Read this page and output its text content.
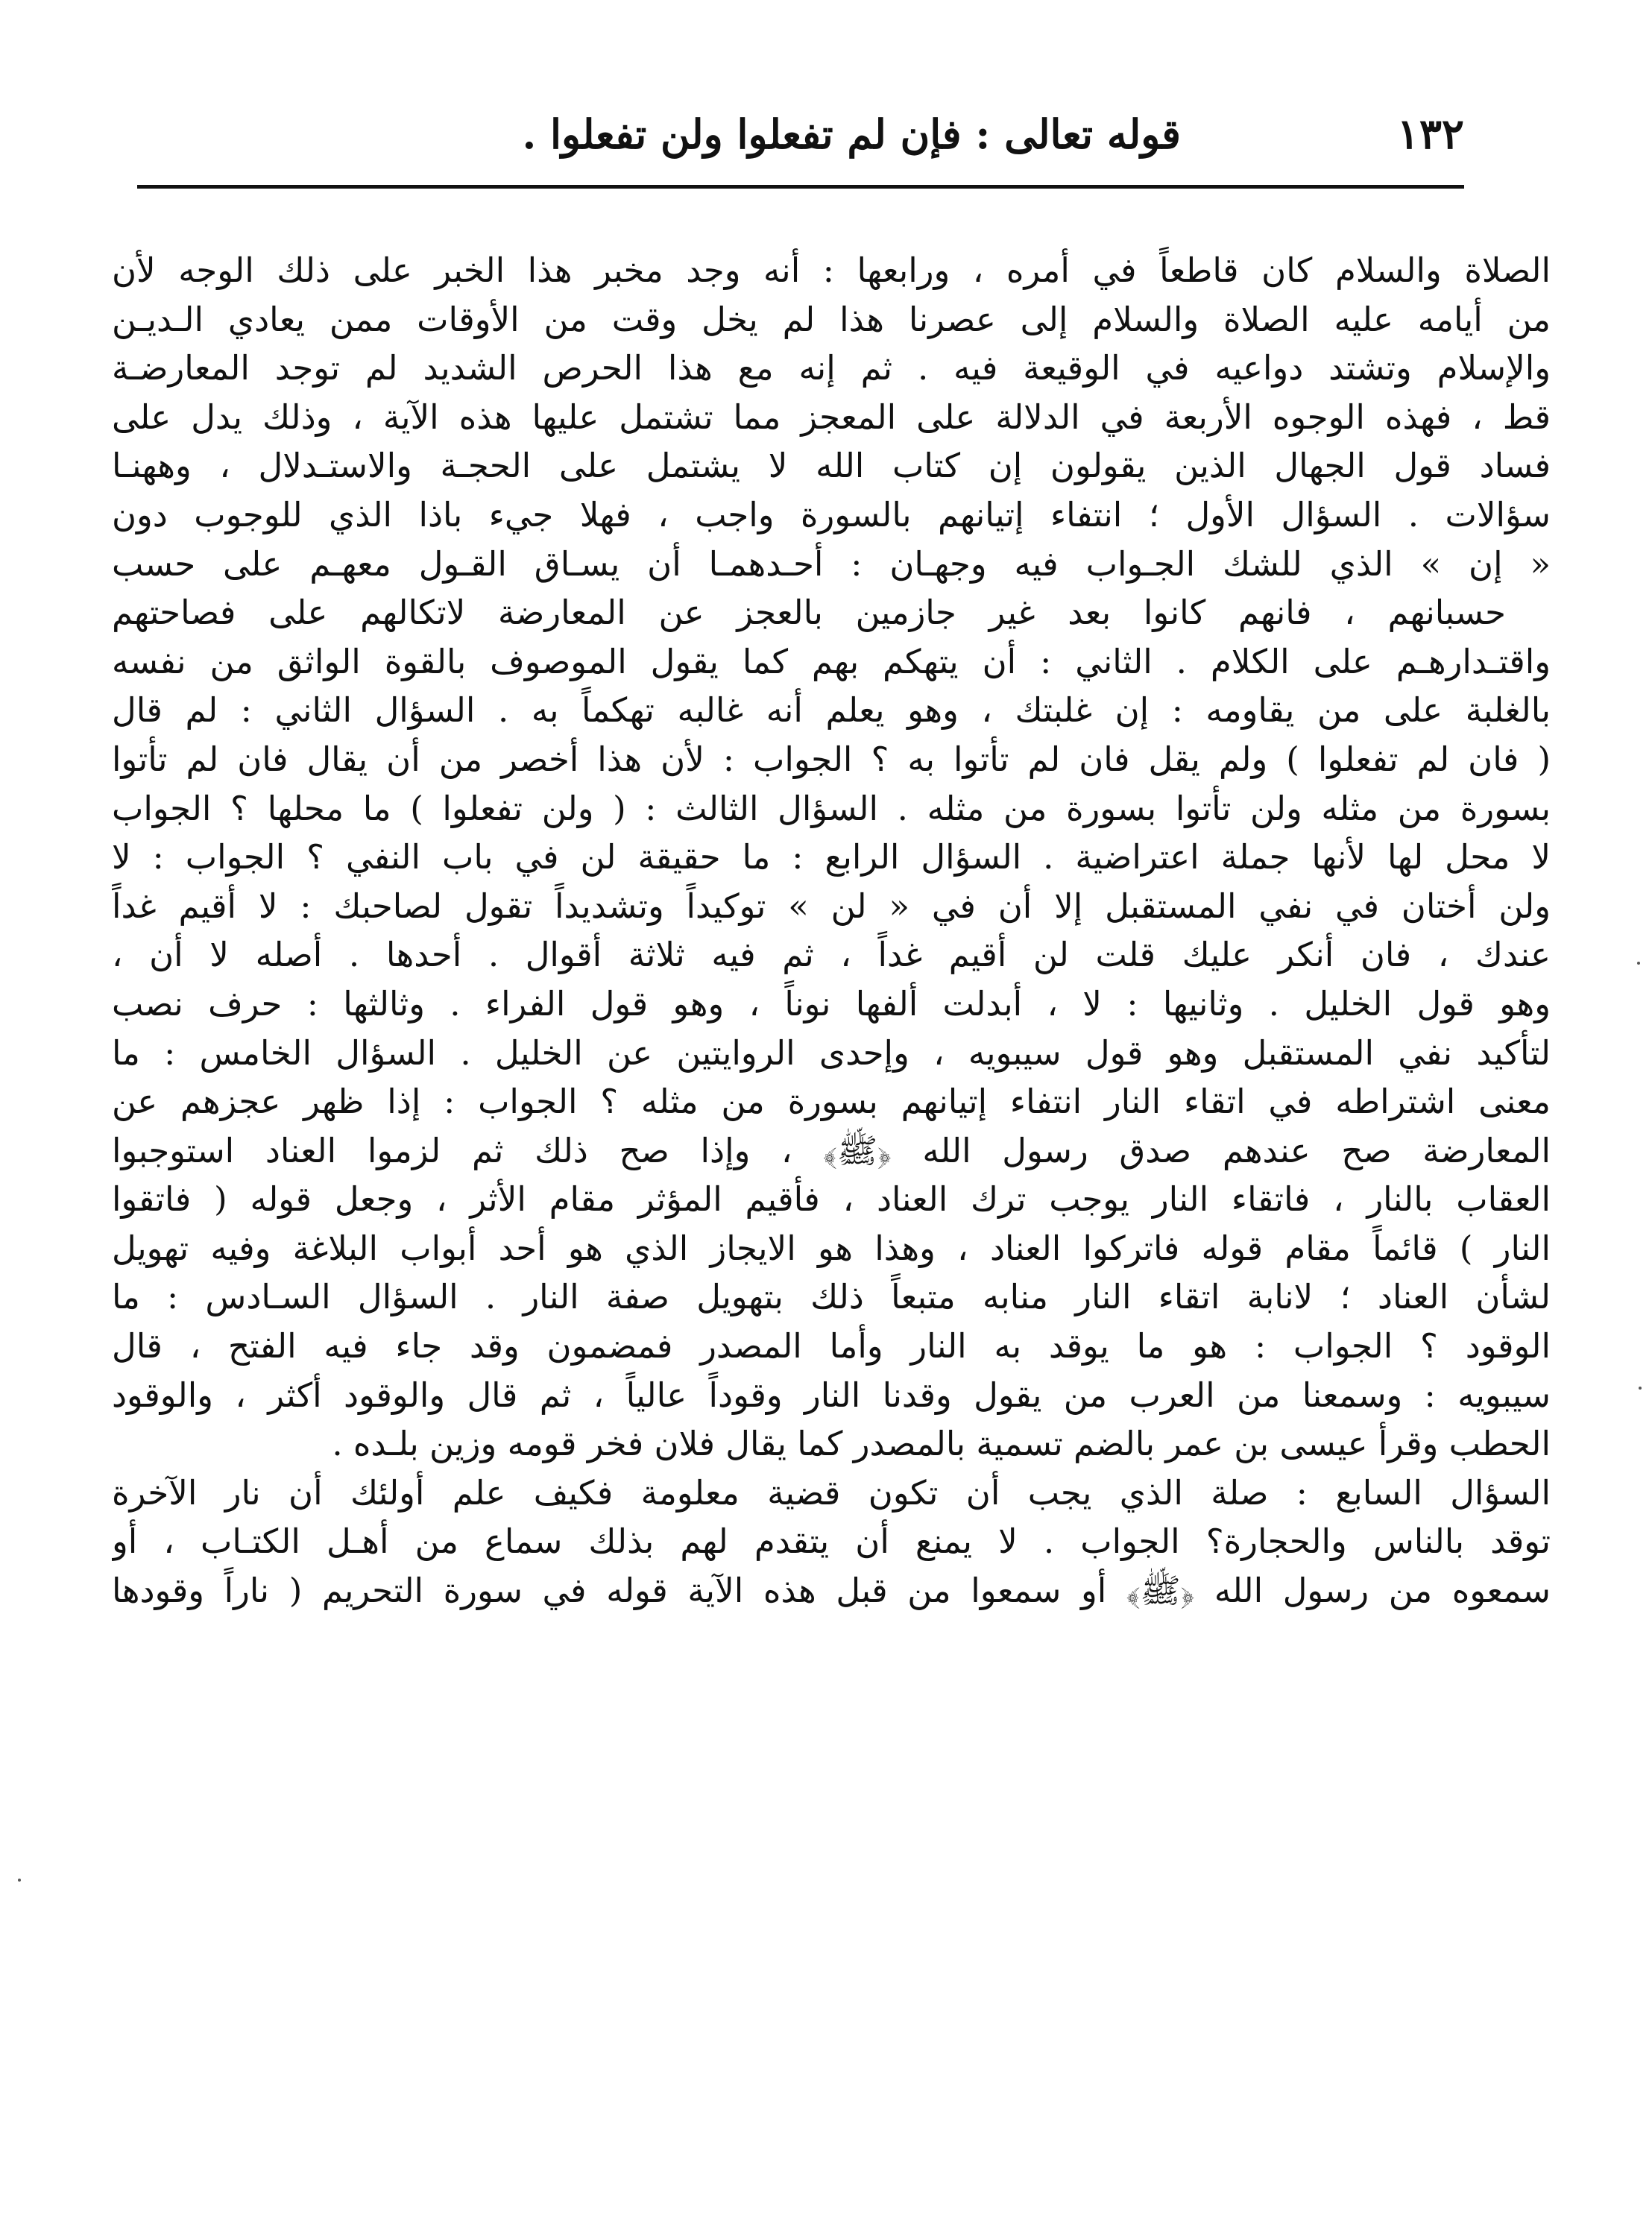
١٣٢
قوله تعالى : فإن لم تفعلوا ولن تفعلوا .
الصلاة والسلام كان قاطعاً في أمره ، ورابعها : أنه وجد مخبر هذا الخبر على ذلك الوجه لأن
من أيامه عليه الصلاة والسلام إلى عصرنا هذا لم يخل وقت من الأوقات ممن يعادي الـديـن
والإسلام وتشتد دواعيه في الوقيعة فيه . ثم إنه مع هذا الحرص الشديد لم توجد المعارضـة
قط ، فهذه الوجوه الأربعة في الدلالة على المعجز مما تشتمل عليها هذه الآية ، وذلك يدل على
فساد قول الجهال الذين يقولون إن كتاب الله لا يشتمل على الحجـة والاستـدلال ، وههنـا
سؤالات . السؤال الأول ؛ انتفاء إتيانهم بالسورة واجب ، فهلا جيء باذا الذي للوجوب دون
« إن » الذي للشك الجـواب فيه وجهـان : أحـدهمـا أن يسـاق القـول معهـم على حسب
حسبانهم ، فانهم كانوا بعد غير جازمين بالعجز عن المعارضة لاتكالهم على فصاحتهم
واقتـدارهـم على الكلام . الثاني : أن يتهكم بهم كما يقول الموصوف بالقوة الواثق من نفسه
بالغلبة على من يقاومه : إن غلبتك ، وهو يعلم أنه غالبه تهكماً به . السؤال الثاني : لم قال
( فان لم تفعلوا ) ولم يقل فان لم تأتوا به ؟ الجواب : لأن هذا أخصر من أن يقال فان لم تأتوا
بسورة من مثله ولن تأتوا بسورة من مثله . السؤال الثالث : ( ولن تفعلوا ) ما محلها ؟ الجواب
لا محل لها لأنها جملة اعتراضية . السؤال الرابع : ما حقيقة لن في باب النفي ؟ الجواب : لا
ولن أختان في نفي المستقبل إلا أن في « لن » توكيداً وتشديداً تقول لصاحبك : لا أقيم غداً
عندك ، فان أنكر عليك قلت لن أقيم غداً ، ثم فيه ثلاثة أقوال . أحدها . أصله لا أن ،
وهو قول الخليل . وثانيها : لا ، أبدلت ألفها نوناً ، وهو قول الفراء . وثالثها : حرف نصب
لتأكيد نفي المستقبل وهو قول سيبويه ، وإحدى الروايتين عن الخليل . السؤال الخامس : ما
معنى اشتراطه في اتقاء النار انتفاء إتيانهم بسورة من مثله ؟ الجواب : إذا ظهر عجزهم عن
المعارضة صح عندهم صدق رسول الله ﴿ﷺ﴾ ، وإذا صح ذلك ثم لزموا العناد استوجبوا
العقاب بالنار ، فاتقاء النار يوجب ترك العناد ، فأقيم المؤثر مقام الأثر ، وجعل قوله ( فاتقوا
النار ) قائماً مقام قوله فاتركوا العناد ، وهذا هو الايجاز الذي هو أحد أبواب البلاغة وفيه تهويل
لشأن العناد ؛ لانابة اتقاء النار منابه متبعاً ذلك بتهويل صفة النار . السؤال السـادس : ما
الوقود ؟ الجواب : هو ما يوقد به النار وأما المصدر فمضمون وقد جاء فيه الفتح ، قال
سيبويه : وسمعنا من العرب من يقول وقدنا النار وقوداً عالياً ، ثم قال والوقود أكثر ، والوقود
الحطب وقرأ عيسى بن عمر بالضم تسمية بالمصدر كما يقال فلان فخر قومه وزين بلـده .
السؤال السابع : صلة الذي يجب أن تكون قضية معلومة فكيف علم أولئك أن نار الآخرة
توقد بالناس والحجارة؟ الجواب . لا يمنع أن يتقدم لهم بذلك سماع من أهـل الكتـاب ، أو
سمعوه من رسول الله ﴿ﷺ﴾ أو سمعوا من قبل هذه الآية قوله في سورة التحريم ( ناراً وقودها
